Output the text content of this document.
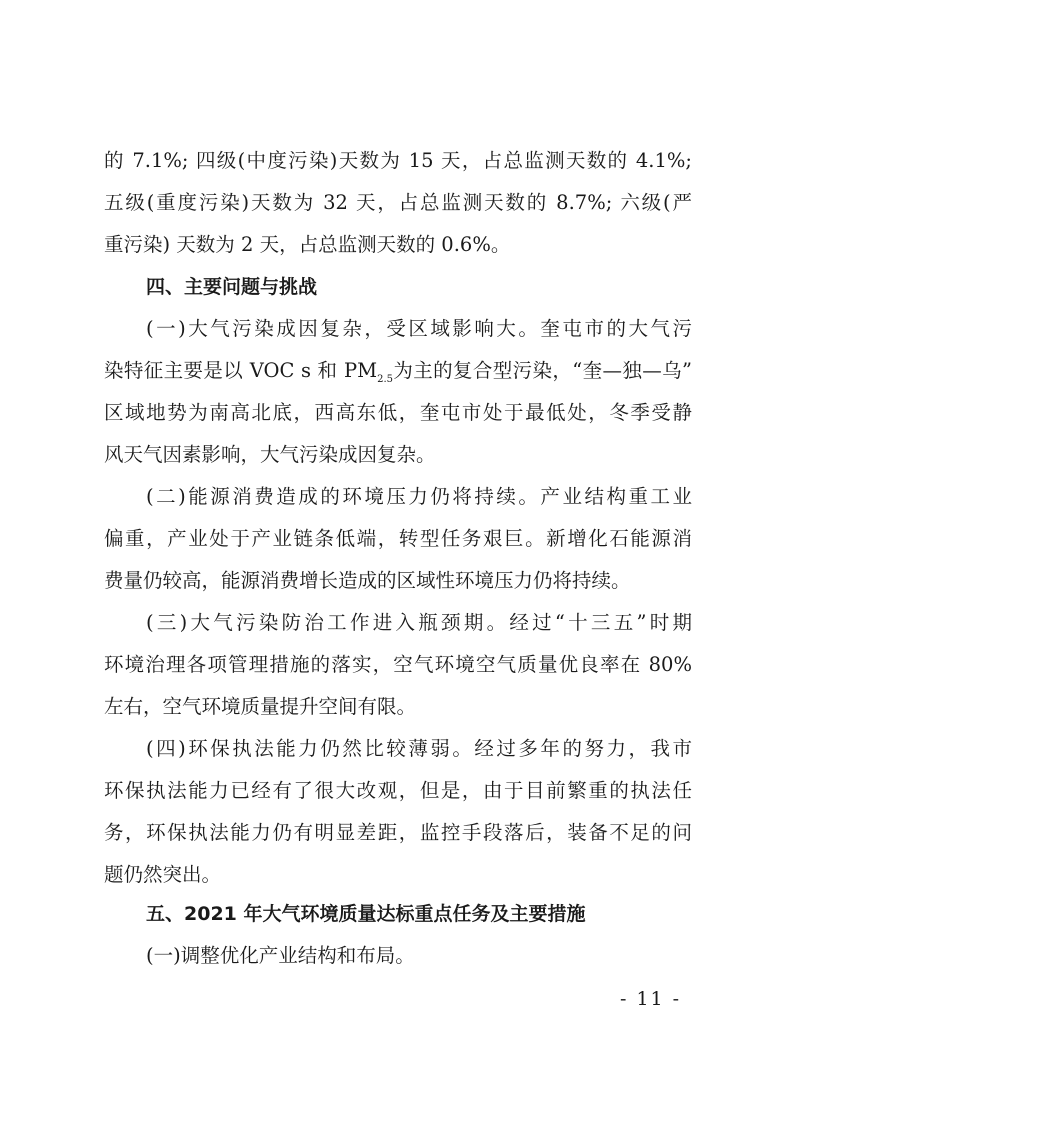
的 7.1%; 四级(中度污染)天数为 15 天，占总监测天数的 4.1%;
五级(重度污染)天数为 32 天，占总监测天数的 8.7%; 六级(严
重污染) 天数为 2 天，占总监测天数的 0.6%。
四、主要问题与挑战
(一)大气污染成因复杂，受区域影响大。奎屯市的大气污
染特征主要是以 VOC s 和 $PM_{2.5}$为主的复合型污染，“奎—独—乌”
区域地势为南高北底，西高东低，奎屯市处于最低处，冬季受静
风天气因素影响，大气污染成因复杂。
(二)能源消费造成的环境压力仍将持续。产业结构重工业
偏重，产业处于产业链条低端，转型任务艰巨。新增化石能源消
费量仍较高，能源消费增长造成的区域性环境压力仍将持续。
(三)大气污染防治工作进入瓶颈期。经过“十三五”时期
环境治理各项管理措施的落实，空气环境空气质量优良率在 80%
左右，空气环境质量提升空间有限。
(四)环保执法能力仍然比较薄弱。经过多年的努力，我市
环保执法能力已经有了很大改观，但是，由于目前繁重的执法任
务，环保执法能力仍有明显差距，监控手段落后，装备不足的问
题仍然突出。
五、2021 年大气环境质量达标重点任务及主要措施
(一)调整优化产业结构和布局。
- 11 -
